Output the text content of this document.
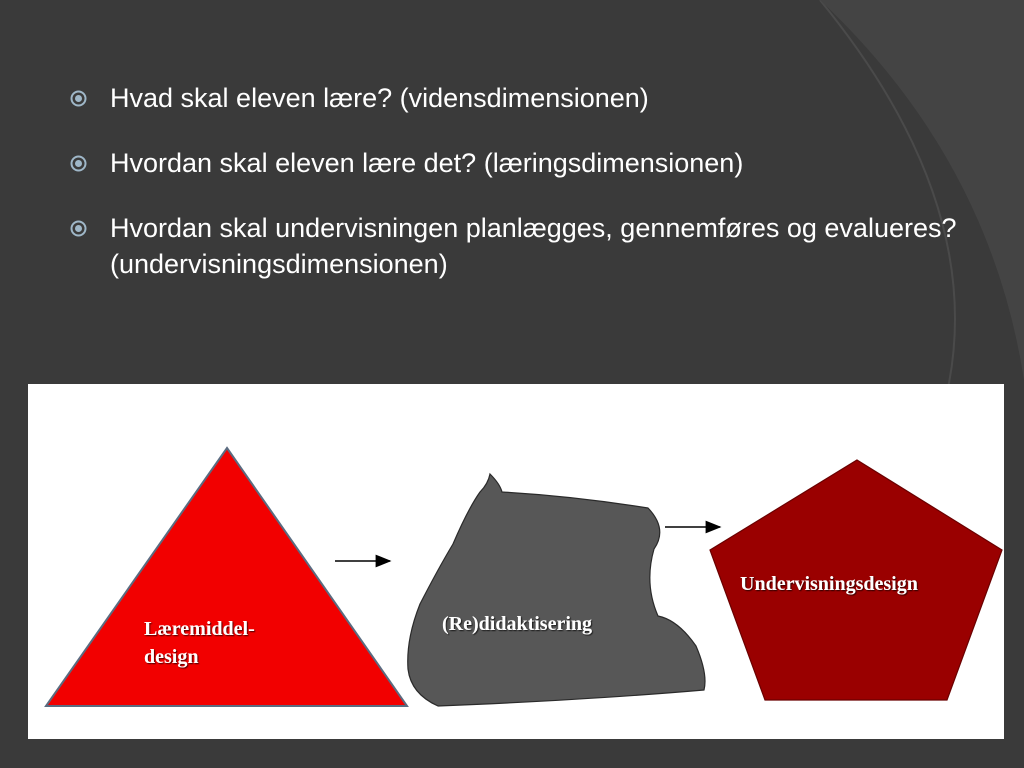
Hvad skal eleven lære? (vidensdimensionen)
Hvordan skal eleven lære det? (læringsdimensionen)
Hvordan skal undervisningen planlægges, gennemføres og evalueres? (undervisningsdimensionen)
Læremiddel- design
(Re)didaktisering
Undervisningsdesign
